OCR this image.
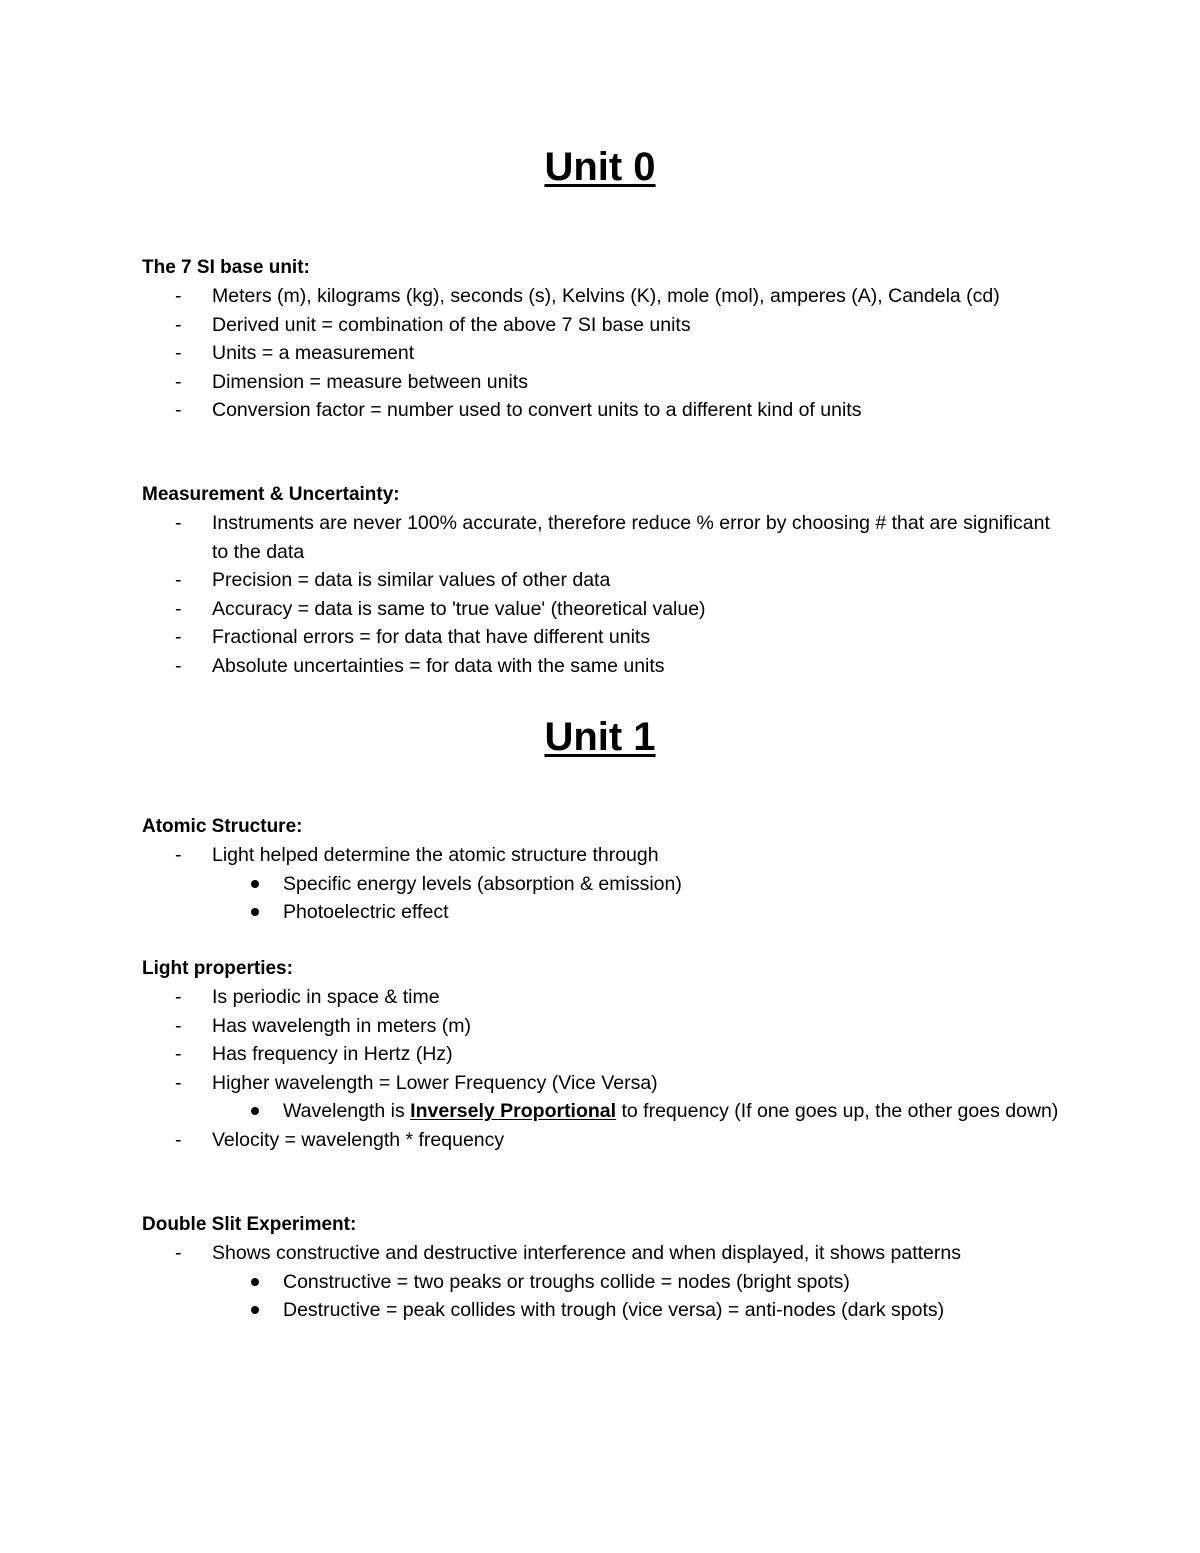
Unit 0

The 7 SI base unit:

-	Meters (m), kilograms (kg), seconds (s), Kelvins (K), mole (mol), amperes (A), Candela (cd)
-	Derived unit = combination of the above 7 SI base units
-	Units = a measurement
-	Dimension = measure between units
-	Conversion factor = number used to convert units to a different kind of units

Measurement & Uncertainty:

-	Instruments are never 100% accurate, therefore reduce % error by choosing # that are significant to the data
-	Precision = data is similar values of other data
-	Accuracy = data is same to 'true value' (theoretical value)
-	Fractional errors = for data that have different units
-	Absolute uncertainties = for data with the same units
Unit 1

Atomic Structure:

-	Light helped determine the atomic structure through
Specific energy levels (absorption & emission)
Photoelectric effect

Light properties:

-	Is periodic in space & time
-	Has wavelength in meters (m)
-	Has frequency in Hertz (Hz)
-	Higher wavelength = Lower Frequency (Vice Versa)
Wavelength is Inversely Proportional to frequency (If one goes up, the other goes down)
-	Velocity = wavelength * frequency

Double Slit Experiment:

-	Shows constructive and destructive interference and when displayed, it shows patterns
Constructive = two peaks or troughs collide = nodes (bright spots)
Destructive = peak collides with trough (vice versa) = anti-nodes (dark spots)
